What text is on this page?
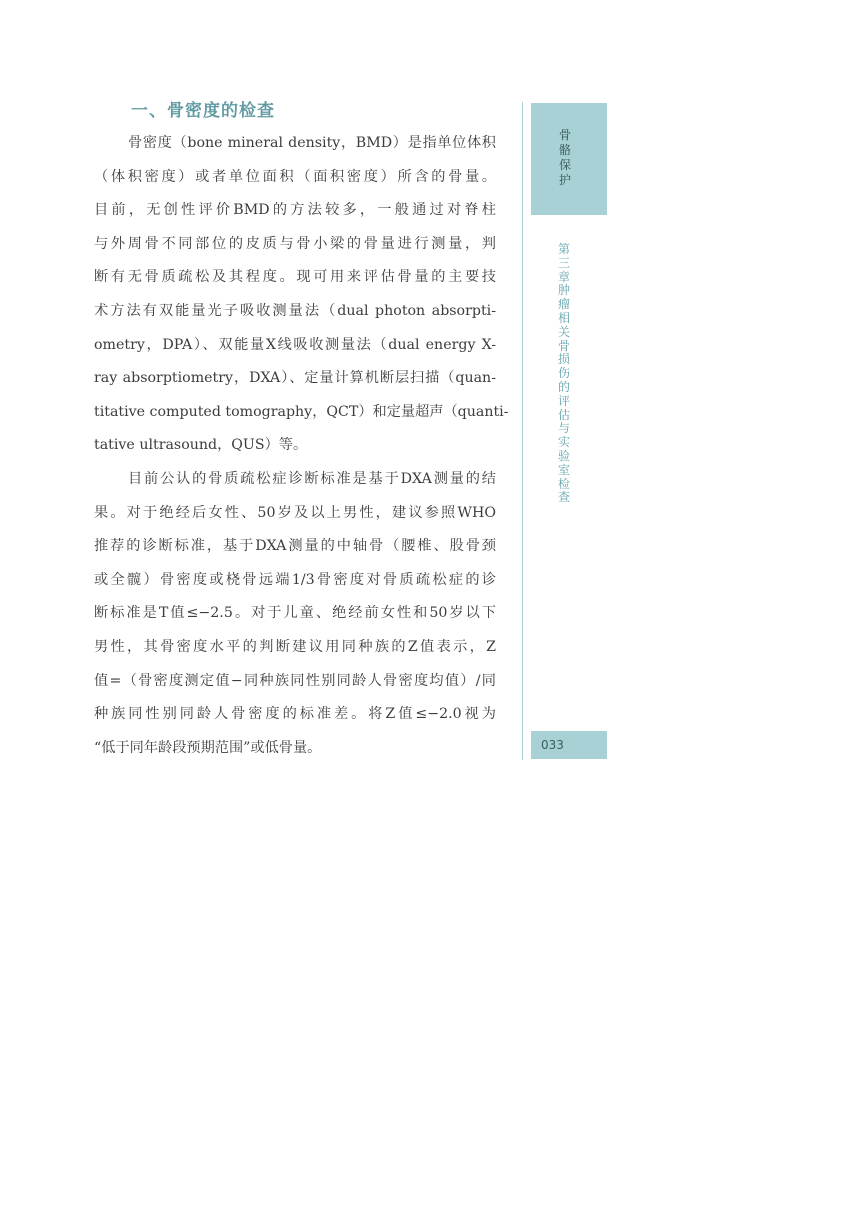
一、骨密度的检查

骨密度（bone mineral density，BMD）是指单位体积
（体积密度）或者单位面积（面积密度）所含的骨量。
目前，无创性评价BMD的方法较多，一般通过对脊柱
与外周骨不同部位的皮质与骨小梁的骨量进行测量，判
断有无骨质疏松及其程度。现可用来评估骨量的主要技
术方法有双能量光子吸收测量法（dual photon absorpti-
ometry，DPA）、双能量X线吸收测量法（dual energy X-
ray absorptiometry，DXA）、定量计算机断层扫描（quan-
titative computed tomography，QCT）和定量超声（quanti-
tative ultrasound，QUS）等。

目前公认的骨质疏松症诊断标准是基于DXA测量的结
果。对于绝经后女性、50岁及以上男性，建议参照WHO
推荐的诊断标准，基于DXA测量的中轴骨（腰椎、股骨颈
或全髋）骨密度或桡骨远端1/3骨密度对骨质疏松症的诊
断标准是T值≤−2.5。对于儿童、绝经前女性和50岁以下
男性，其骨密度水平的判断建议用同种族的Z值表示，Z
值=（骨密度测定值−同种族同性别同龄人骨密度均值）/同
种族同性别同龄人骨密度的标准差。将Z值≤−2.0视为
“低于同年龄段预期范围”或低骨量。

骨骼保护
第三章 肿瘤相关骨损伤的评估与实验室检查
033
